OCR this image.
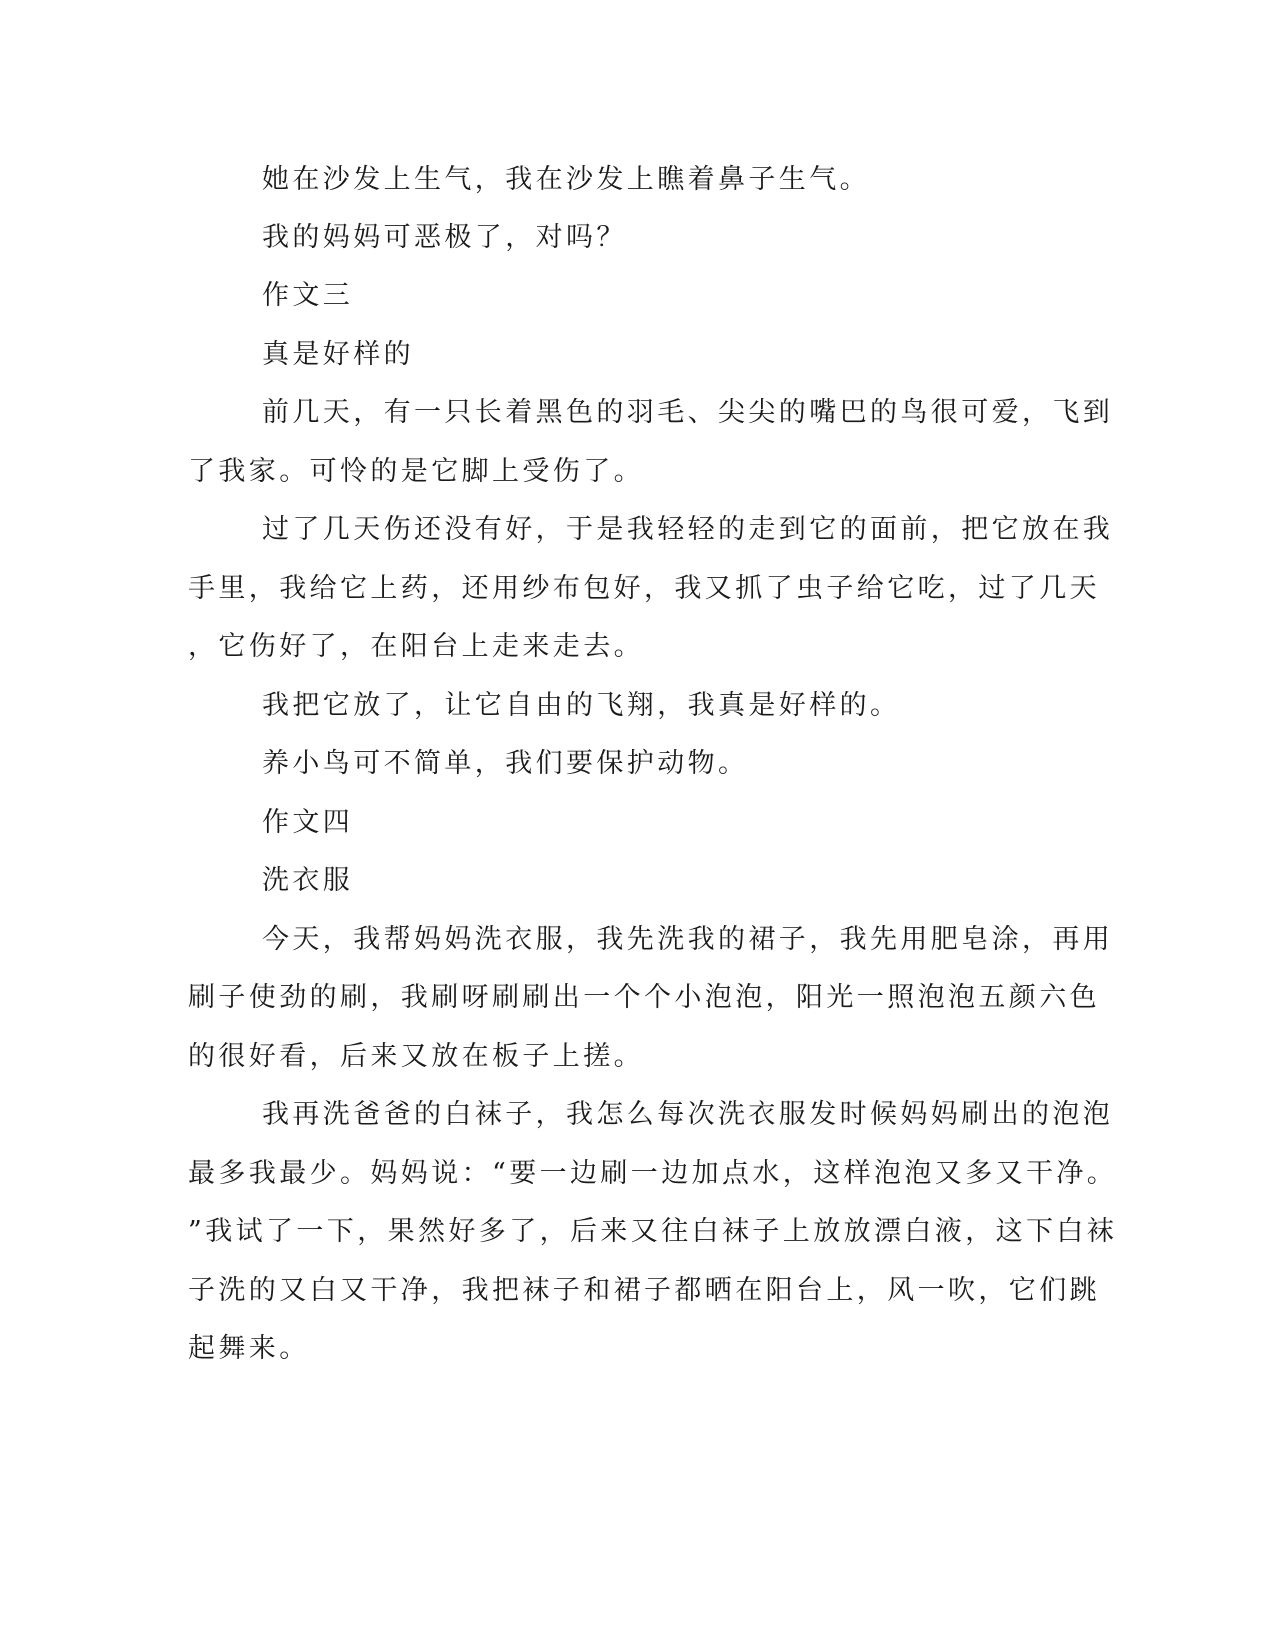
她在沙发上生气，我在沙发上瞧着鼻子生气。
我的妈妈可恶极了，对吗？
作文三
真是好样的
前几天，有一只长着黑色的羽毛、尖尖的嘴巴的鸟很可爱，飞到
了我家。可怜的是它脚上受伤了。
过了几天伤还没有好，于是我轻轻的走到它的面前，把它放在我
手里，我给它上药，还用纱布包好，我又抓了虫子给它吃，过了几天
，它伤好了，在阳台上走来走去。
我把它放了，让它自由的飞翔，我真是好样的。
养小鸟可不简单，我们要保护动物。
作文四
洗衣服
今天，我帮妈妈洗衣服，我先洗我的裙子，我先用肥皂涂，再用
刷子使劲的刷，我刷呀刷刷出一个个小泡泡，阳光一照泡泡五颜六色
的很好看，后来又放在板子上搓。
我再洗爸爸的白袜子，我怎么每次洗衣服发时候妈妈刷出的泡泡
最多我最少。妈妈说：“要一边刷一边加点水，这样泡泡又多又干净。
”我试了一下，果然好多了，后来又往白袜子上放放漂白液，这下白袜
子洗的又白又干净，我把袜子和裙子都晒在阳台上，风一吹，它们跳
起舞来。
